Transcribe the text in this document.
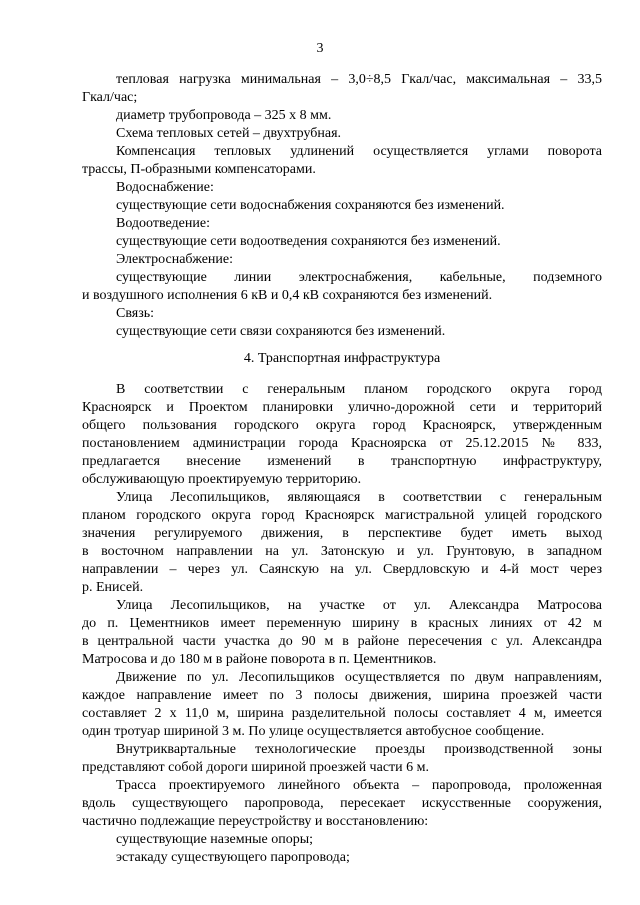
3
тепловая нагрузка минимальная – 3,0÷8,5 Гкал/час, максимальная – 33,5
Гкал/час;
диаметр трубопровода – 325 х 8 мм.
Схема тепловых сетей – двухтрубная.
Компенсация тепловых удлинений осуществляется углами поворота
трассы, П-образными компенсаторами.
Водоснабжение:
существующие сети водоснабжения сохраняются без изменений.
Водоотведение:
существующие сети водоотведения сохраняются без изменений.
Электроснабжение:
существующие линии электроснабжения, кабельные, подземного
и воздушного исполнения 6 кВ и 0,4 кВ сохраняются без изменений.
Связь:
существующие сети связи сохраняются без изменений.
4. Транспортная инфраструктура
В соответствии с генеральным планом городского округа город
Красноярск и Проектом планировки улично-дорожной сети и территорий
общего пользования городского округа город Красноярск, утвержденным
постановлением администрации города Красноярска от 25.12.2015 № 833,
предлагается внесение изменений в транспортную инфраструктуру,
обслуживающую проектируемую территорию.
Улица Лесопильщиков, являющаяся в соответствии с генеральным
планом городского округа город Красноярск магистральной улицей городского
значения регулируемого движения, в перспективе будет иметь выход
в восточном направлении на ул. Затонскую и ул. Грунтовую, в западном
направлении – через ул. Саянскую на ул. Свердловскую и 4-й мост через
р. Енисей.
Улица Лесопильщиков, на участке от ул. Александра Матросова
до п. Цементников имеет переменную ширину в красных линиях от 42 м
в центральной части участка до 90 м в районе пересечения с ул. Александра
Матросова и до 180 м в районе поворота в п. Цементников.
Движение по ул. Лесопильщиков осуществляется по двум направлениям,
каждое направление имеет по 3 полосы движения, ширина проезжей части
составляет 2 х 11,0 м, ширина разделительной полосы составляет 4 м, имеется
один тротуар шириной 3 м. По улице осуществляется автобусное сообщение.
Внутриквартальные технологические проезды производственной зоны
представляют собой дороги шириной проезжей части 6 м.
Трасса проектируемого линейного объекта – паропровода, проложенная
вдоль существующего паропровода, пересекает искусственные сооружения,
частично подлежащие переустройству и восстановлению:
существующие наземные опоры;
эстакаду существующего паропровода;
